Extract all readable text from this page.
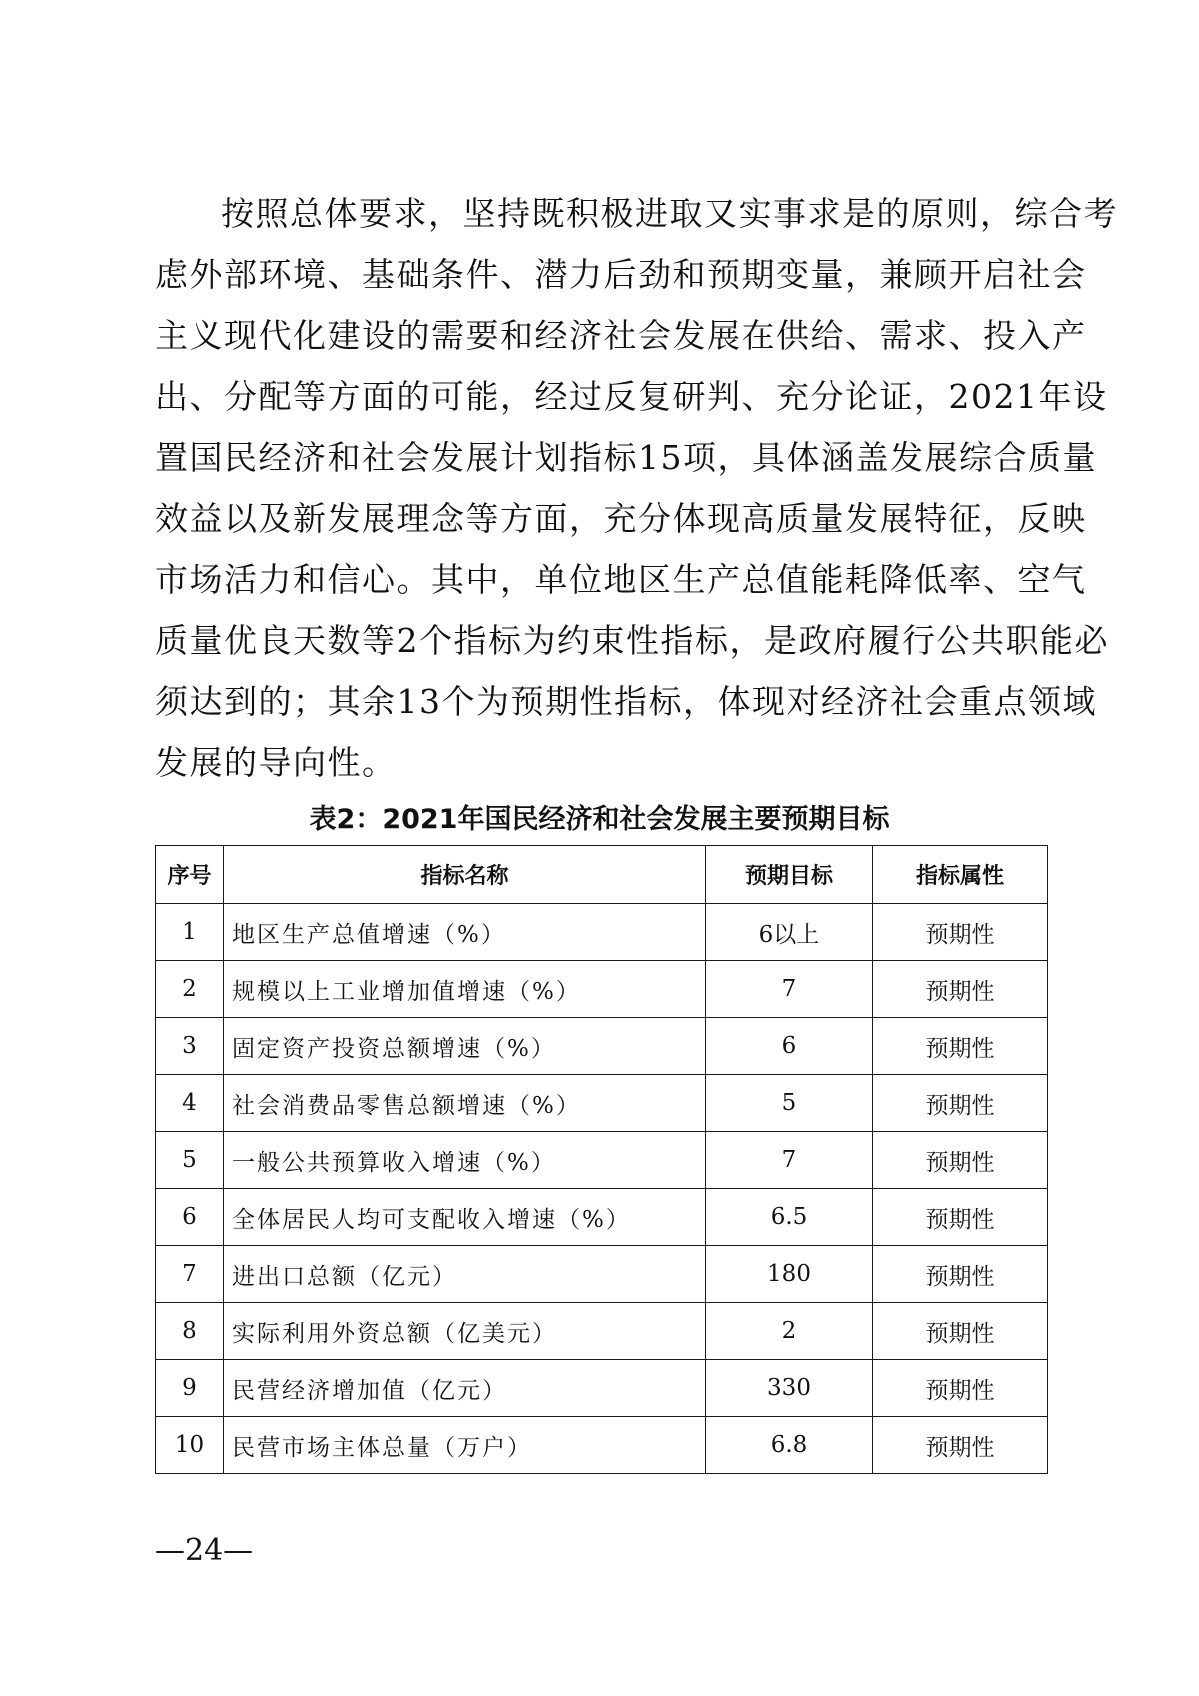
按照总体要求，坚持既积极进取又实事求是的原则，综合考
虑外部环境、基础条件、潜力后劲和预期变量，兼顾开启社会
主义现代化建设的需要和经济社会发展在供给、需求、投入产
出、分配等方面的可能，经过反复研判、充分论证，2021年设
置国民经济和社会发展计划指标15项，具体涵盖发展综合质量
效益以及新发展理念等方面，充分体现高质量发展特征，反映
市场活力和信心。其中，单位地区生产总值能耗降低率、空气
质量优良天数等2个指标为约束性指标，是政府履行公共职能必
须达到的；其余13个为预期性指标，体现对经济社会重点领域
发展的导向性。
表2：2021年国民经济和社会发展主要预期目标
序号	指标名称	预期目标	指标属性
1	地区生产总值增速（%）	6以上	预期性
2	规模以上工业增加值增速（%）	7	预期性
3	固定资产投资总额增速（%）	6	预期性
4	社会消费品零售总额增速（%）	5	预期性
5	一般公共预算收入增速（%）	7	预期性
6	全体居民人均可支配收入增速（%）	6.5	预期性
7	进出口总额（亿元）	180	预期性
8	实际利用外资总额（亿美元）	2	预期性
9	民营经济增加值（亿元）	330	预期性
10	民营市场主体总量（万户）	6.8	预期性
—24—
